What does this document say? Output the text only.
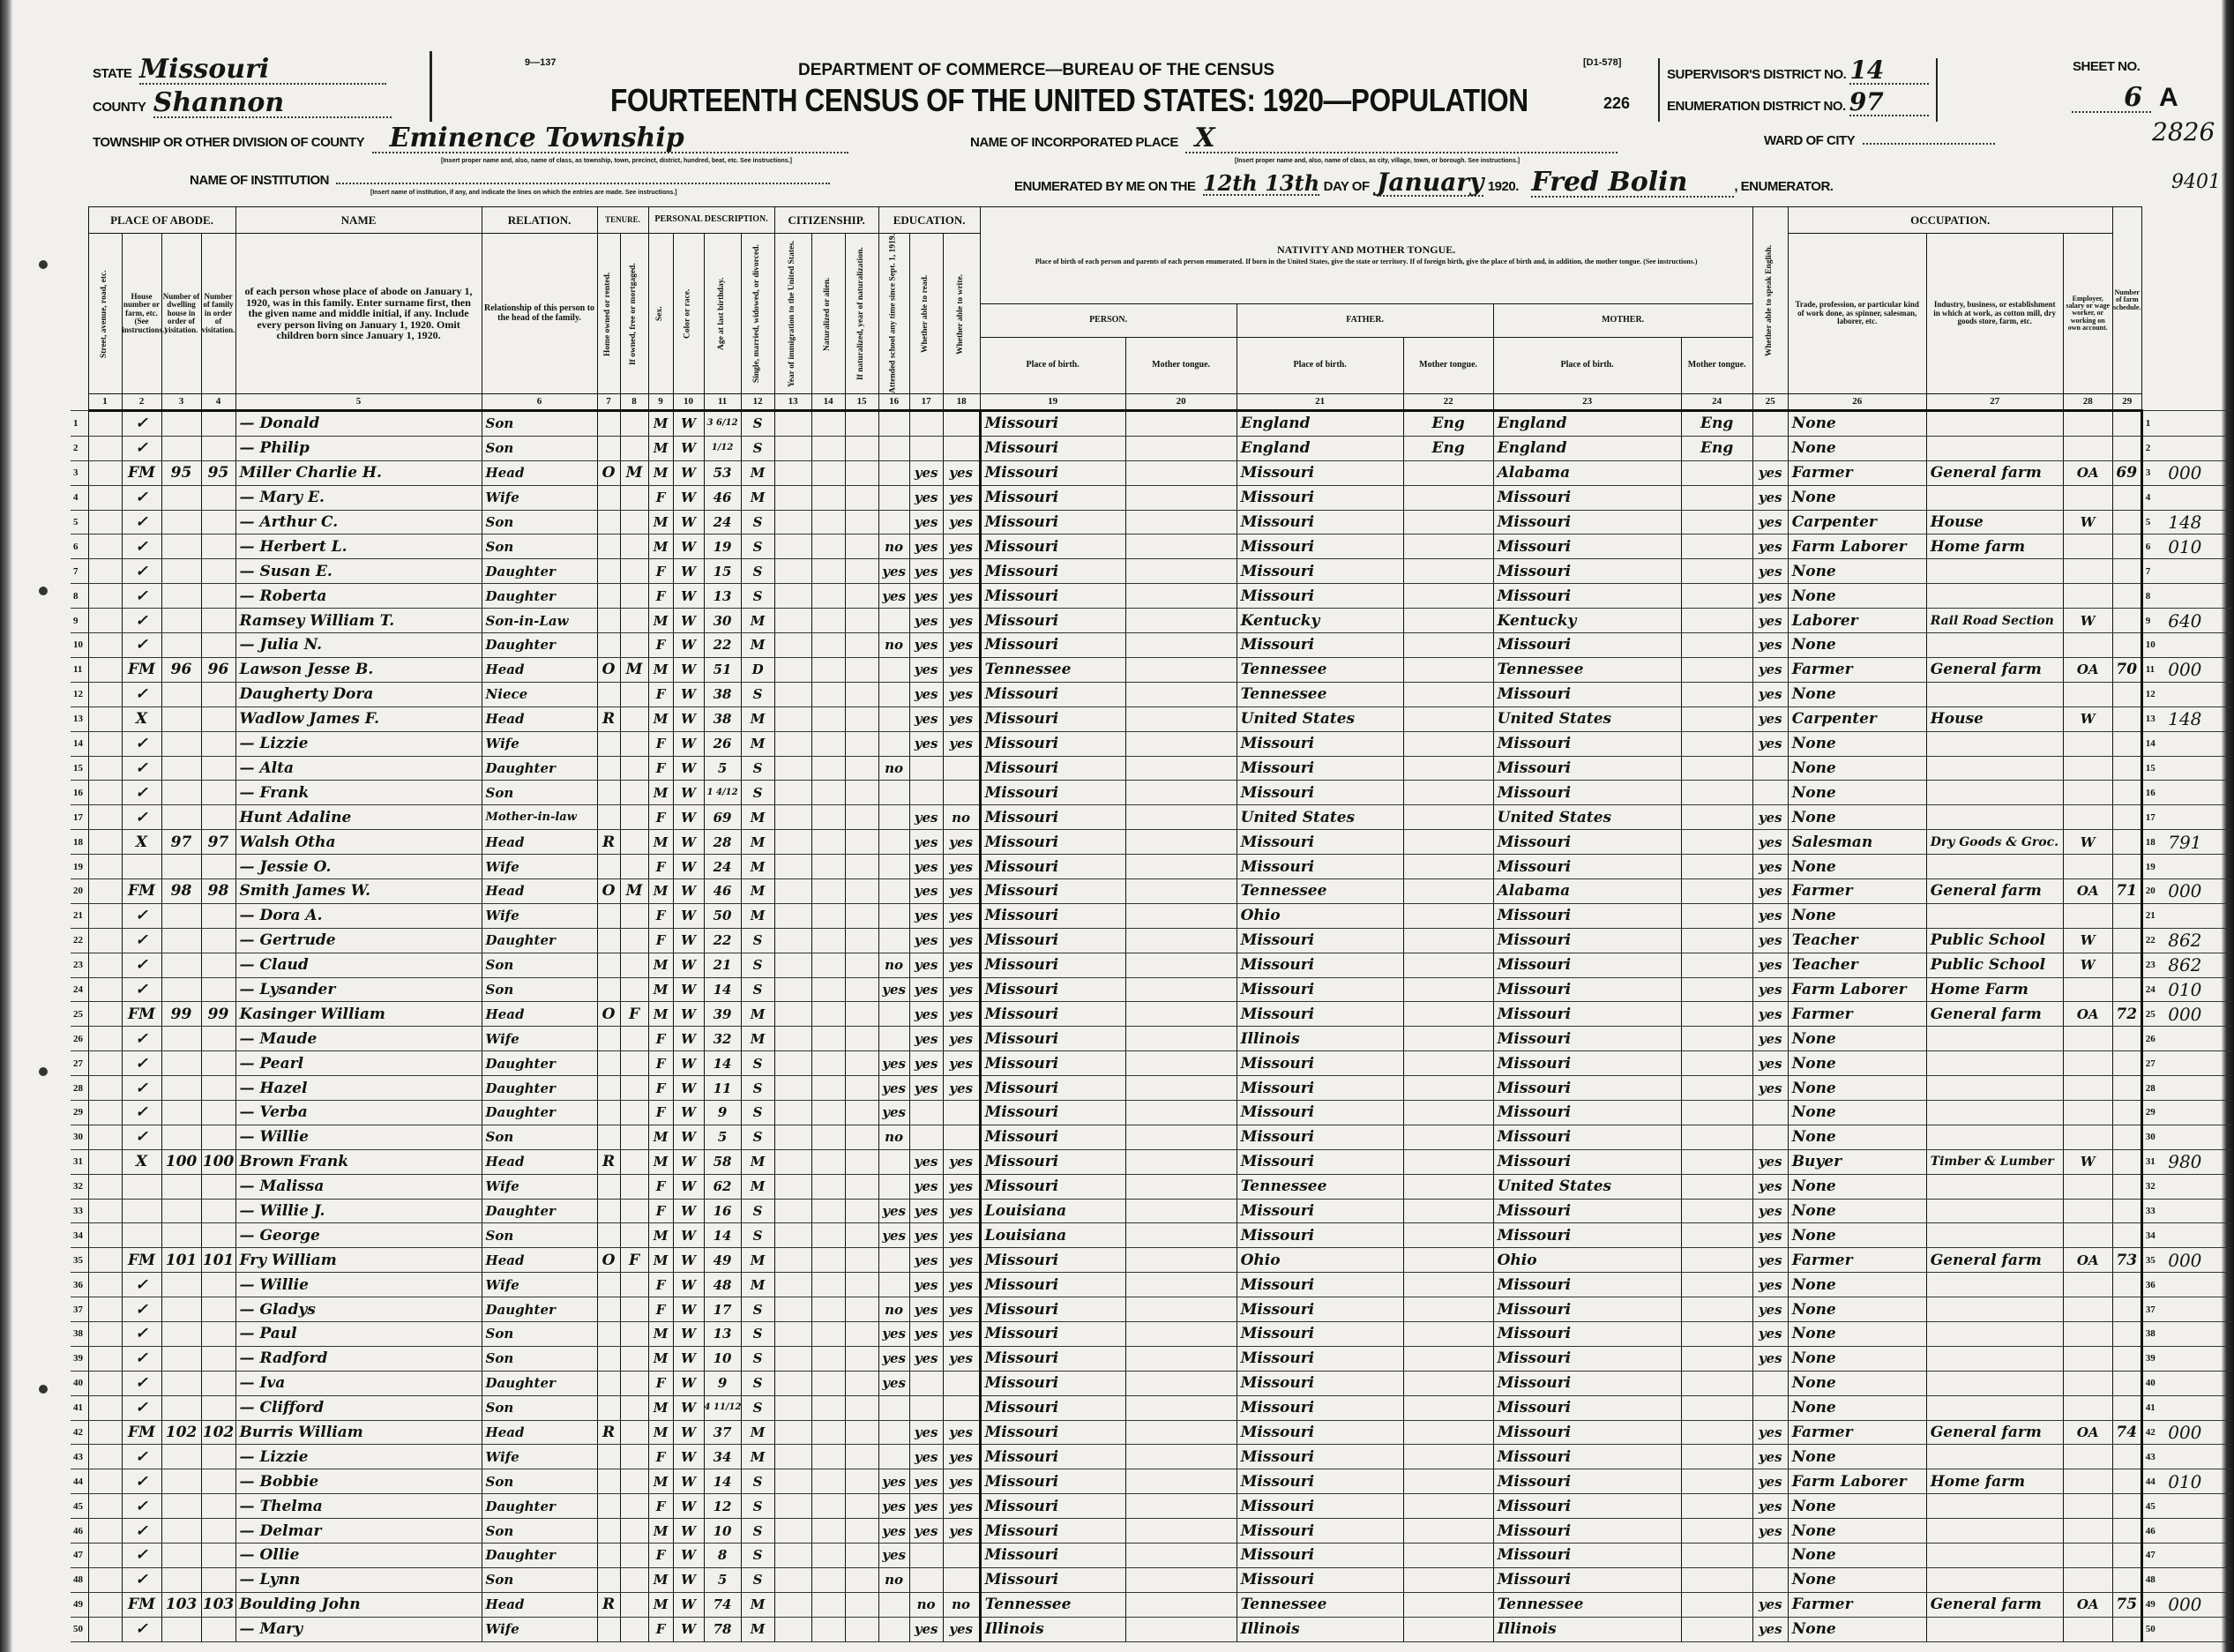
STATE Missouri
COUNTY Shannon
9—137	DEPARTMENT OF COMMERCE—BUREAU OF THE CENSUS
FOURTEENTH CENSUS OF THE UNITED STATES: 1920—POPULATION
[D1-578]
226
SUPERVISOR'S DISTRICT NO. 14
ENUMERATION DISTRICT NO. 97
SHEET NO.
6 A
2826
TOWNSHIP OR OTHER DIVISION OF COUNTY Eminence Township
[Insert proper name and, also, name of class, as township, town, precinct, district, hundred, beat, etc. See instructions.]
NAME OF INCORPORATED PLACE X
[Insert proper name and, also, name of class, as city, village, town, or borough. See instructions.]
WARD OF CITY
NAME OF INSTITUTION
[Insert name of institution, if any, and indicate the lines on which the entries are made. See instructions.]	ENUMERATED BY ME ON THE 12th 13th DAY OF January 1920. Fred Bolin	, ENUMERATOR.	9401
	PLACE OF ABODE.				NAME	RELATION.	TENURE.		PERSONAL DESCRIPTION.				CITIZENSHIP.			EDUCATION.			NATIVITY AND MOTHER TONGUE.
Place of birth of each person and parents of each person enumerated. If born in the United States, give the state or territory. If of foreign birth, give the place of birth and, in addition, the mother tongue. (See instructions.)						Whether able to speak English.	OCCUPATION.			Number of farm schedule.		
	Street, avenue, road, etc.	House number or farm, etc. (See instructions.)	Number of dwelling house in order of visitation.	Number of family in order of visitation.	of each person whose place of abode on January 1, 1920, was in this family. Enter surname first, then the given name and middle initial, if any. Include every person living on January 1, 1920. Omit children born since January 1, 1920.	Relationship of this person to the head of the family.	Home owned or rented.	If owned, free or mortgaged.	Sex.	Color or race.	Age at last birthday.	Single, married, widowed, or divorced.	Year of immigration to the United States.	Naturalized or alien.	If naturalized, year of naturalization.	Attended school any time since Sept. 1, 1919.	Whether able to read.	Whether able to write.								Trade, profession, or particular kind of work done, as spinner, salesman, laborer, etc.	Industry, business, or establishment in which at work, as cotton mill, dry goods store, farm, etc.	Employer, salary or wage worker, or working on own account.			
																			PERSON.		FATHER.		MOTHER.								
																			Place of birth.	Mother tongue.	Place of birth.	Mother tongue.	Place of birth.	Mother tongue.							
	1	2	3	4	5	6	7	8	9	10	11	12	13	14	15	16	17	18	19	20	21	22	23	24	25	26	27	28	29		
1		✓			— Donald	Son			M	W	3 6/12	S							Missouri		England	Eng	England	Eng		None				1	
2		✓			— Philip	Son			M	W	1/12	S							Missouri		England	Eng	England	Eng		None				2	
3		FM	95	95	Miller Charlie H.	Head	O	M	M	W	53	M					yes	yes	Missouri		Missouri		Alabama		yes	Farmer	General farm	OA	69	3	000
4		✓			— Mary E.	Wife			F	W	46	M					yes	yes	Missouri		Missouri		Missouri		yes	None				4	
5		✓			— Arthur C.	Son			M	W	24	S					yes	yes	Missouri		Missouri		Missouri		yes	Carpenter	House	W		5	148
6		✓			— Herbert L.	Son			M	W	19	S				no	yes	yes	Missouri		Missouri		Missouri		yes	Farm Laborer	Home farm			6	010
7		✓			— Susan E.	Daughter			F	W	15	S				yes	yes	yes	Missouri		Missouri		Missouri		yes	None				7	
8		✓			— Roberta	Daughter			F	W	13	S				yes	yes	yes	Missouri		Missouri		Missouri		yes	None				8	
9		✓			Ramsey William T.	Son-in-Law			M	W	30	M					yes	yes	Missouri		Kentucky		Kentucky		yes	Laborer	Rail Road Section	W		9	640
10		✓			— Julia N.	Daughter			F	W	22	M				no	yes	yes	Missouri		Missouri		Missouri		yes	None				10	
11		FM	96	96	Lawson Jesse B.	Head	O	M	M	W	51	D					yes	yes	Tennessee		Tennessee		Tennessee		yes	Farmer	General farm	OA	70	11	000
12		✓			Daugherty Dora	Niece			F	W	38	S					yes	yes	Missouri		Tennessee		Missouri		yes	None				12	
13		X			Wadlow James F.	Head	R		M	W	38	M					yes	yes	Missouri		United States		United States		yes	Carpenter	House	W		13	148
14		✓			— Lizzie	Wife			F	W	26	M					yes	yes	Missouri		Missouri		Missouri		yes	None				14	
15		✓			— Alta	Daughter			F	W	5	S				no			Missouri		Missouri		Missouri			None				15	
16		✓			— Frank	Son			M	W	1 4/12	S							Missouri		Missouri		Missouri			None				16	
17		✓			Hunt Adaline	Mother-in-law			F	W	69	M					yes	no	Missouri		United States		United States		yes	None				17	
18		X	97	97	Walsh Otha	Head	R		M	W	28	M					yes	yes	Missouri		Missouri		Missouri		yes	Salesman	Dry Goods & Groc.	W		18	791
19					— Jessie O.	Wife			F	W	24	M					yes	yes	Missouri		Missouri		Missouri		yes	None				19	
20		FM	98	98	Smith James W.	Head	O	M	M	W	46	M					yes	yes	Missouri		Tennessee		Alabama		yes	Farmer	General farm	OA	71	20	000
21		✓			— Dora A.	Wife			F	W	50	M					yes	yes	Missouri		Ohio		Missouri		yes	None				21	
22		✓			— Gertrude	Daughter			F	W	22	S					yes	yes	Missouri		Missouri		Missouri		yes	Teacher	Public School	W		22	862
23		✓			— Claud	Son			M	W	21	S				no	yes	yes	Missouri		Missouri		Missouri		yes	Teacher	Public School	W		23	862
24		✓			— Lysander	Son			M	W	14	S				yes	yes	yes	Missouri		Missouri		Missouri		yes	Farm Laborer	Home Farm			24	010
25		FM	99	99	Kasinger William	Head	O	F	M	W	39	M					yes	yes	Missouri		Missouri		Missouri		yes	Farmer	General farm	OA	72	25	000
26		✓			— Maude	Wife			F	W	32	M					yes	yes	Missouri		Illinois		Missouri		yes	None				26	
27		✓			— Pearl	Daughter			F	W	14	S				yes	yes	yes	Missouri		Missouri		Missouri		yes	None				27	
28		✓			— Hazel	Daughter			F	W	11	S				yes	yes	yes	Missouri		Missouri		Missouri		yes	None				28	
29		✓			— Verba	Daughter			F	W	9	S				yes			Missouri		Missouri		Missouri			None				29	
30		✓			— Willie	Son			M	W	5	S				no			Missouri		Missouri		Missouri			None				30	
31		X	100	100	Brown Frank	Head	R		M	W	58	M					yes	yes	Missouri		Missouri		Missouri		yes	Buyer	Timber & Lumber	W		31	980
32					— Malissa	Wife			F	W	62	M					yes	yes	Missouri		Tennessee		United States		yes	None				32	
33					— Willie J.	Daughter			F	W	16	S				yes	yes	yes	Louisiana		Missouri		Missouri		yes	None				33	
34					— George	Son			M	W	14	S				yes	yes	yes	Louisiana		Missouri		Missouri		yes	None				34	
35		FM	101	101	Fry William	Head	O	F	M	W	49	M					yes	yes	Missouri		Ohio		Ohio		yes	Farmer	General farm	OA	73	35	000
36		✓			— Willie	Wife			F	W	48	M					yes	yes	Missouri		Missouri		Missouri		yes	None				36	
37		✓			— Gladys	Daughter			F	W	17	S				no	yes	yes	Missouri		Missouri		Missouri		yes	None				37	
38		✓			— Paul	Son			M	W	13	S				yes	yes	yes	Missouri		Missouri		Missouri		yes	None				38	
39		✓			— Radford	Son			M	W	10	S				yes	yes	yes	Missouri		Missouri		Missouri		yes	None				39	
40		✓			— Iva	Daughter			F	W	9	S				yes			Missouri		Missouri		Missouri			None				40	
41		✓			— Clifford	Son			M	W	4 11/12	S							Missouri		Missouri		Missouri			None				41	
42		FM	102	102	Burris William	Head	R		M	W	37	M					yes	yes	Missouri		Missouri		Missouri		yes	Farmer	General farm	OA	74	42	000
43		✓			— Lizzie	Wife			F	W	34	M					yes	yes	Missouri		Missouri		Missouri		yes	None				43	
44		✓			— Bobbie	Son			M	W	14	S				yes	yes	yes	Missouri		Missouri		Missouri		yes	Farm Laborer	Home farm			44	010
45		✓			— Thelma	Daughter			F	W	12	S				yes	yes	yes	Missouri		Missouri		Missouri		yes	None				45	
46		✓			— Delmar	Son			M	W	10	S				yes	yes	yes	Missouri		Missouri		Missouri		yes	None				46	
47		✓			— Ollie	Daughter			F	W	8	S				yes			Missouri		Missouri		Missouri			None				47	
48		✓			— Lynn	Son			M	W	5	S				no			Missouri		Missouri		Missouri			None				48	
49		FM	103	103	Boulding John	Head	R		M	W	74	M					no	no	Tennessee		Tennessee		Tennessee		yes	Farmer	General farm	OA	75	49	000
50		✓			— Mary	Wife			F	W	78	M					yes	yes	Illinois		Illinois		Illinois		yes	None				50	
